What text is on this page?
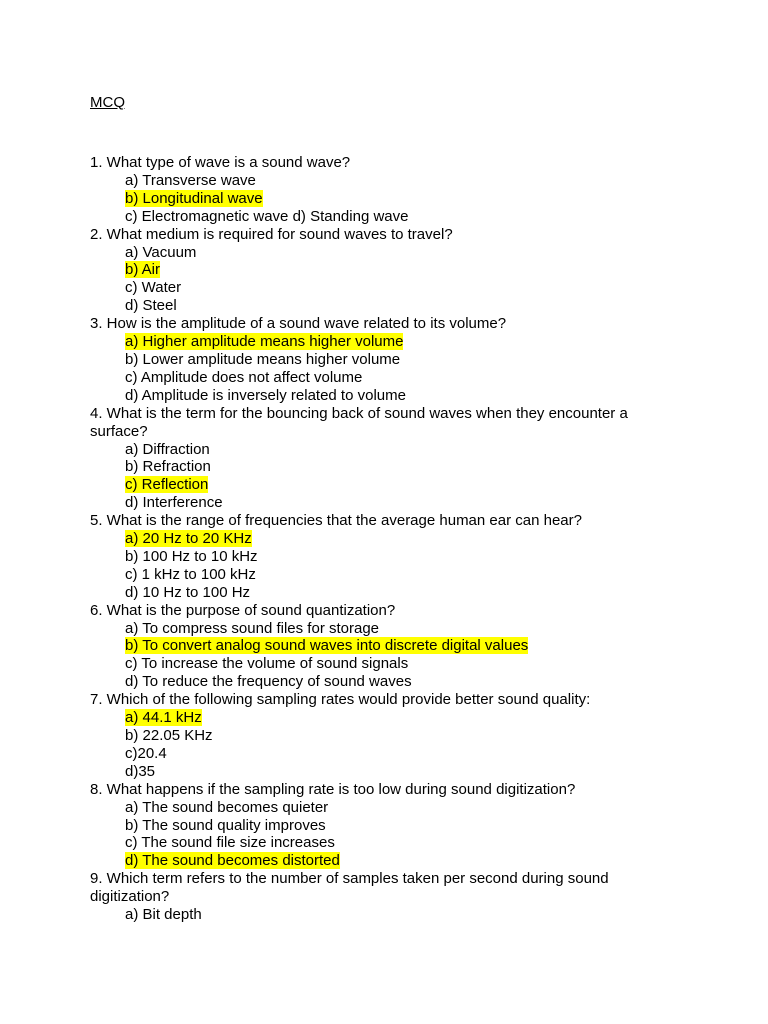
MCQ
1. What type of wave is a sound wave?
a) Transverse wave
b) Longitudinal wave
c) Electromagnetic wave d) Standing wave
2. What medium is required for sound waves to travel?
a) Vacuum
b) Air
c) Water
d) Steel
3. How is the amplitude of a sound wave related to its volume?
a) Higher amplitude means higher volume
b) Lower amplitude means higher volume
c) Amplitude does not affect volume
d) Amplitude is inversely related to volume
4. What is the term for the bouncing back of sound waves when they encounter a surface?
a) Diffraction
b) Refraction
c) Reflection
d) Interference
5. What is the range of frequencies that the average human ear can hear?
a) 20 Hz to 20 KHz
b) 100 Hz to 10 kHz
c) 1 kHz to 100 kHz
d) 10 Hz to 100 Hz
6. What is the purpose of sound quantization?
a) To compress sound files for storage
b) To convert analog sound waves into discrete digital values
c) To increase the volume of sound signals
d) To reduce the frequency of sound waves
7. Which of the following sampling rates would provide better sound quality:
a) 44.1 kHz
b) 22.05 KHz
c)20.4
d)35
8. What happens if the sampling rate is too low during sound digitization?
a) The sound becomes quieter
b) The sound quality improves
c) The sound file size increases
d) The sound becomes distorted
9. Which term refers to the number of samples taken per second during sound digitization?
a) Bit depth
